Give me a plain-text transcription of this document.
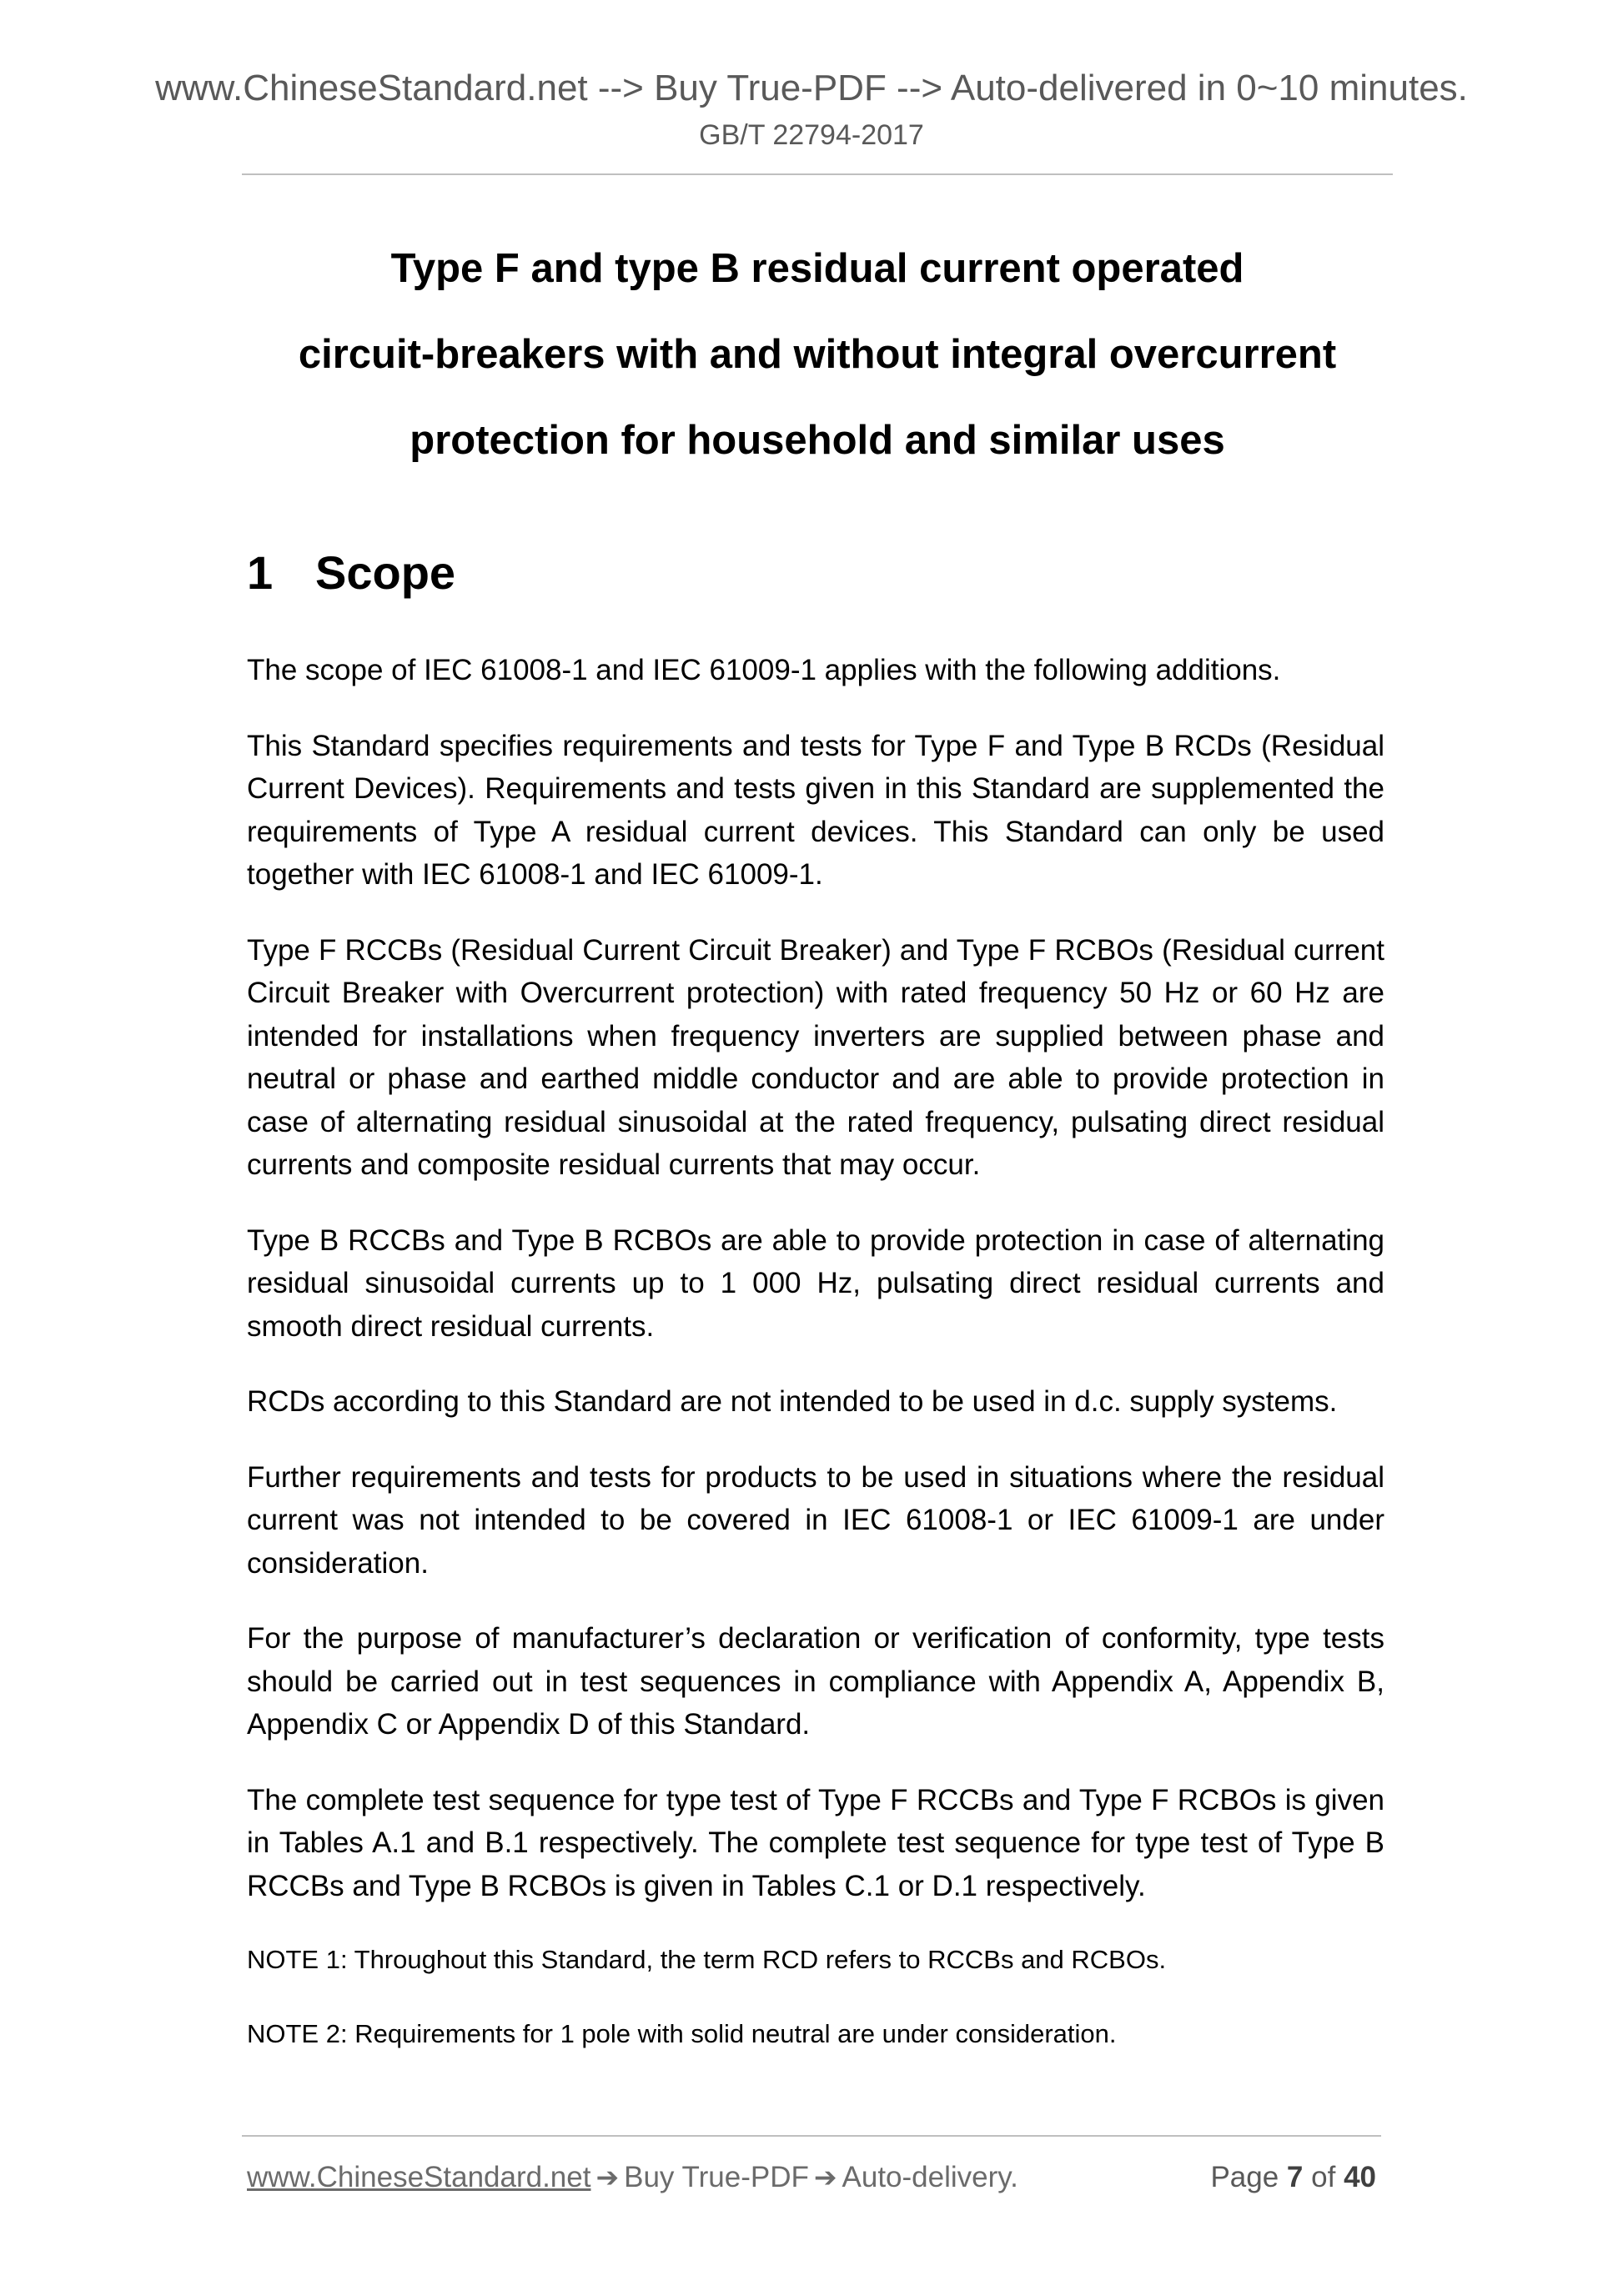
www.ChineseStandard.net --> Buy True-PDF --> Auto-delivered in 0~10 minutes.
GB/T 22794-2017
Type F and type B residual current operated
circuit-breakers with and without integral overcurrent
protection for household and similar uses
1 Scope

The scope of IEC 61008-1 and IEC 61009-1 applies with the following additions.

This Standard specifies requirements and tests for Type F and Type B RCDs (Residual Current Devices). Requirements and tests given in this Standard are supplemented the requirements of Type A residual current devices. This Standard can only be used together with IEC 61008-1 and IEC 61009-1.

Type F RCCBs (Residual Current Circuit Breaker) and Type F RCBOs (Residual current Circuit Breaker with Overcurrent protection) with rated frequency 50 Hz or 60 Hz are intended for installations when frequency inverters are supplied between phase and neutral or phase and earthed middle conductor and are able to provide protection in case of alternating residual sinusoidal at the rated frequency, pulsating direct residual currents and composite residual currents that may occur.

Type B RCCBs and Type B RCBOs are able to provide protection in case of alternating residual sinusoidal currents up to 1 000 Hz, pulsating direct residual currents and smooth direct residual currents.

RCDs according to this Standard are not intended to be used in d.c. supply systems.

Further requirements and tests for products to be used in situations where the residual current was not intended to be covered in IEC 61008-1 or IEC 61009-1 are under consideration.

For the purpose of manufacturer’s declaration or verification of conformity, type tests should be carried out in test sequences in compliance with Appendix A, Appendix B, Appendix C or Appendix D of this Standard.

The complete test sequence for type test of Type F RCCBs and Type F RCBOs is given in Tables A.1 and B.1 respectively. The complete test sequence for type test of Type B RCCBs and Type B RCBOs is given in Tables C.1 or D.1 respectively.

NOTE 1: Throughout this Standard, the term RCD refers to RCCBs and RCBOs.

NOTE 2: Requirements for 1 pole with solid neutral are under consideration.

www.ChineseStandard.net ➔ Buy True-PDF ➔ Auto-delivery.	Page 7 of 40
